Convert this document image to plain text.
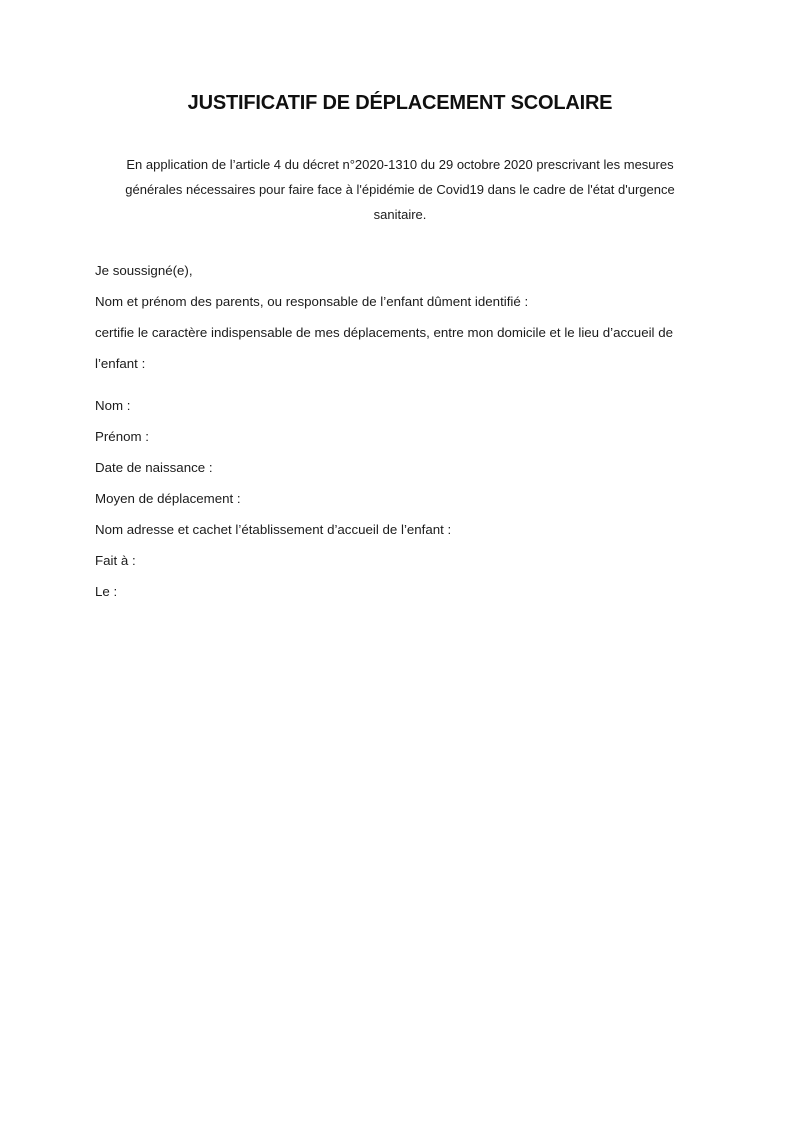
JUSTIFICATIF DE DÉPLACEMENT SCOLAIRE

En application de l’article 4 du décret n°2020-1310 du 29 octobre 2020 prescrivant les mesures générales nécessaires pour faire face à l'épidémie de Covid19 dans le cadre de l'état d'urgence sanitaire.

Je soussigné(e),

Nom et prénom des parents, ou responsable de l’enfant dûment identifié :

certifie le caractère indispensable de mes déplacements, entre mon domicile et le lieu d’accueil de l’enfant :

Nom :

Prénom :

Date de naissance :

Moyen de déplacement :

Nom adresse et cachet l’établissement d’accueil de l’enfant :

Fait à :

Le :
